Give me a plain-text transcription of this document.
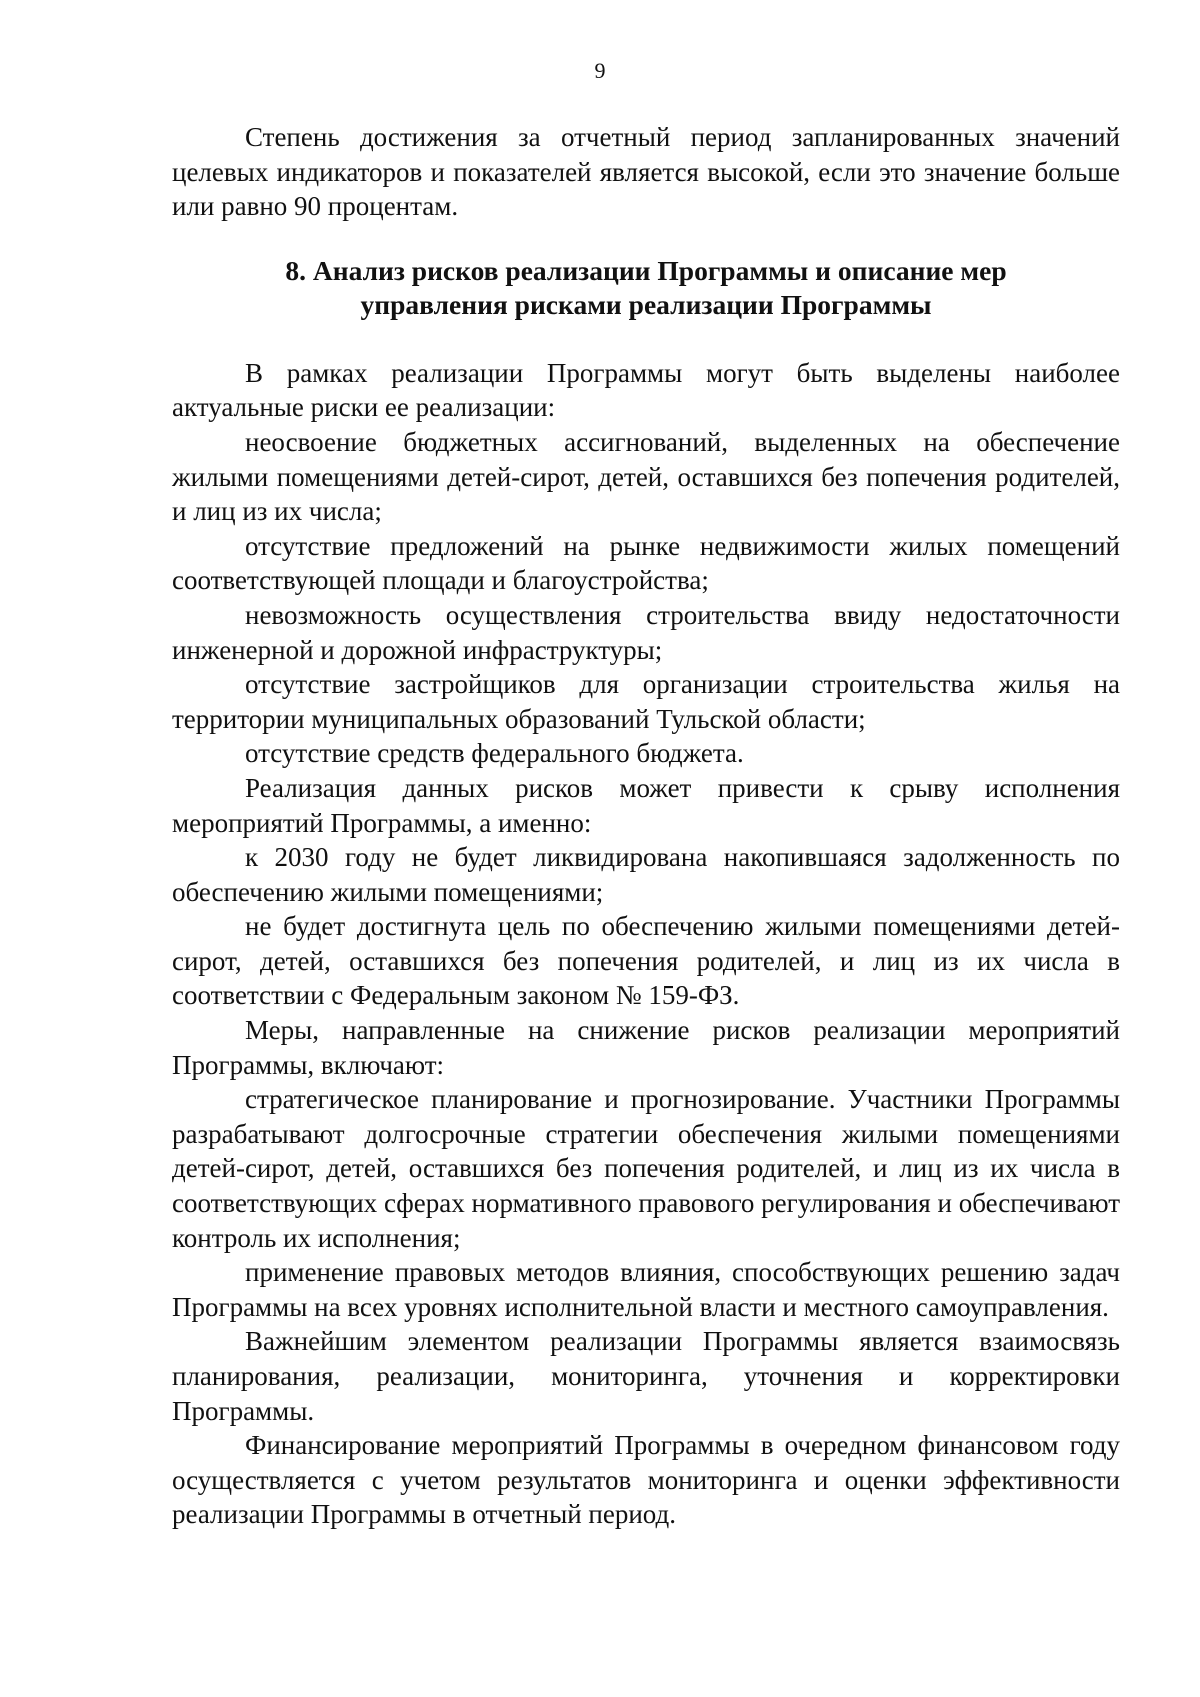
9

Степень достижения за отчетный период запланированных значений целевых индикаторов и показателей является высокой, если это значение больше или равно 90 процентам.

8. Анализ рисков реализации Программы и описание мер
управления рисками реализации Программы

В рамках реализации Программы могут быть выделены наиболее актуальные риски ее реализации:

неосвоение бюджетных ассигнований, выделенных на обеспечение жилыми помещениями детей-сирот, детей, оставшихся без попечения родителей, и лиц из их числа;

отсутствие предложений на рынке недвижимости жилых помещений соответствующей площади и благоустройства;

невозможность осуществления строительства ввиду недостаточности инженерной и дорожной инфраструктуры;

отсутствие застройщиков для организации строительства жилья на территории муниципальных образований Тульской области;

отсутствие средств федерального бюджета.

Реализация данных рисков может привести к срыву исполнения мероприятий Программы, а именно:

к 2030 году не будет ликвидирована накопившаяся задолженность по обеспечению жилыми помещениями;

не будет достигнута цель по обеспечению жилыми помещениями детей-сирот, детей, оставшихся без попечения родителей, и лиц из их числа в соответствии с Федеральным законом № 159-ФЗ.

Меры, направленные на снижение рисков реализации мероприятий Программы, включают:

стратегическое планирование и прогнозирование. Участники Программы разрабатывают долгосрочные стратегии обеспечения жилыми помещениями детей-сирот, детей, оставшихся без попечения родителей, и лиц из их числа в соответствующих сферах нормативного правового регулирования и обеспечивают контроль их исполнения;

применение правовых методов влияния, способствующих решению задач Программы на всех уровнях исполнительной власти и местного самоуправления.

Важнейшим элементом реализации Программы является взаимосвязь планирования, реализации, мониторинга, уточнения и корректировки Программы.

Финансирование мероприятий Программы в очередном финансовом году осуществляется с учетом результатов мониторинга и оценки эффективности реализации Программы в отчетный период.
